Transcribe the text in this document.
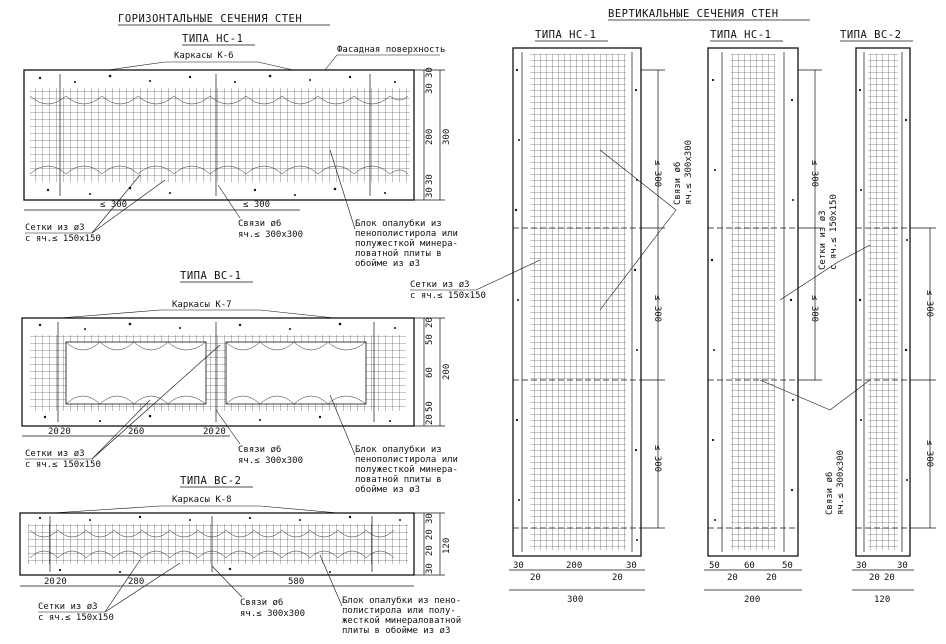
ГОРИЗОНТАЛЬНЫЕ СЕЧЕНИЯ СТЕН	ВЕРТИКАЛЬНЫЕ СЕЧЕНИЯ СТЕН
ТИПА НС-1
Каркасы К-6
Фасадная поверхность
30
30
200
30
30
300
≤ 300	≤ 300
Сетки из ø3
с яч.≤ 150х150
Связи ø6
яч.≤ 300х300
Блок опалубки из
пенополистирола или
полужесткой минера-
ловатной плиты в
обойме из ø3
ТИПА ВС-1
Каркасы К-7
20
50
60
50
20
200
20 20	260	20 20
Сетки из ø3
с яч.≤ 150х150
Связи ø6
яч.≤ 300х300
Блок опалубки из
пенополистирола или
полужесткой минера-
ловатной плиты в
обойме из ø3
ТИПА ВС-2
Каркасы К-8
30
20
20
30
120
20 20	280	580
Сетки из ø3
с яч.≤ 150х150
Связи ø6
яч.≤ 300х300
Блок опалубки из пено-
полистирола или полу-
жесткой минераловатной
плиты в обойме из ø3
ТИПА НС-1
≤ 300
≤ 300
≤ 300
Связи ø6 яч.≤ 300х300
Сетки из ø3
с яч.≤ 150х150
30
20
200
20
30
300
ТИПА НС-1
≤ 300
≤ 300
50
20
60
20
50
200
ТИПА ВС-2
≤ 300
≤ 300
Сетки из ø3 с яч.≤ 150х150
Связи ø6 яч.≤ 300х300
30
20 20
30
120
